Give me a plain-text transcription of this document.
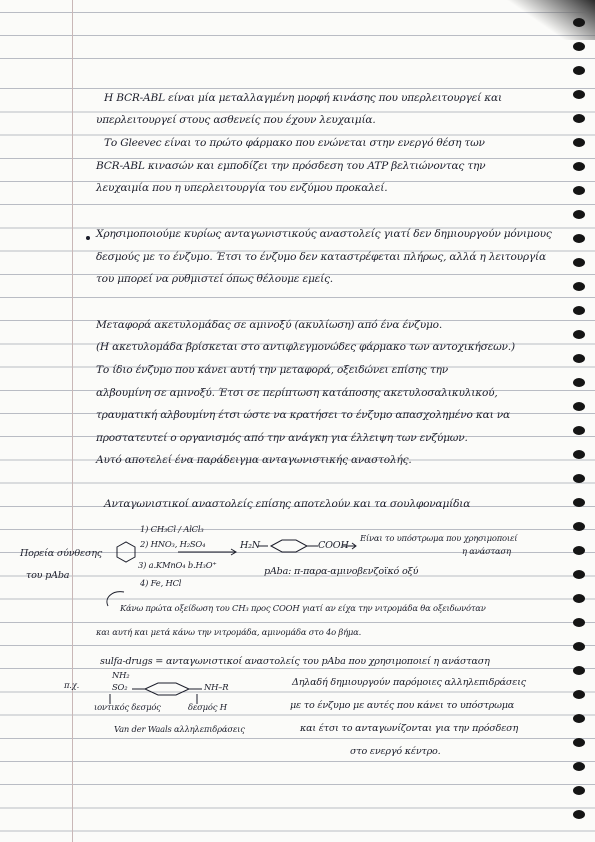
Η BCR-ABL είναι μία μεταλλαγμένη μορφή κινάσης που υπερλειτουργεί και
υπερλειτουργεί στους ασθενείς που έχουν λευχαιμία.
Το Gleevec είναι το πρώτο φάρμακο που ενώνεται στην ενεργό θέση των
BCR-ABL κινασών και εμποδίζει την πρόσδεση του ATP βελτιώνοντας την
λευχαιμία που η υπερλειτουργία του ενζύμου προκαλεί.
Χρησιμοποιούμε κυρίως ανταγωνιστικούς αναστολείς γιατί δεν δημιουργούν μόνιμους
δεσμούς με το ένζυμο. Έτσι το ένζυμο δεν καταστρέφεται πλήρως, αλλά η λειτουργία
του μπορεί να ρυθμιστεί όπως θέλουμε εμείς.
Μεταφορά ακετυλομάδας σε αμινοξύ (ακυλίωση) από ένα ένζυμο.
(Η ακετυλομάδα βρίσκεται στο αντιφλεγμονώδες φάρμακο των αντοχικήσεων.)
Το ίδιο ένζυμο που κάνει αυτή την μεταφορά, οξειδώνει επίσης την
αλβουμίνη σε αμινοξύ. Έτσι σε περίπτωση κατάποσης ακετυλοσαλικυλικού,
τραυματική αλβουμίνη έτσι ώστε να κρατήσει το ένζυμο απασχολημένο και να
προστατευτεί ο οργανισμός από την ανάγκη για έλλειψη των ενζύμων.
Αυτό αποτελεί ένα παράδειγμα ανταγωνιστικής αναστολής.
Ανταγωνιστικοί αναστολείς επίσης αποτελούν και τα σουλφοναμίδια
Πορεία σύνθεσης
του pAba
1) CH₃Cl / AlCl₃
2) HNO₃, H₂SO₄
3) a.KMnO₄ b.H₃O⁺
4) Fe, HCl
H₂N	COOH
Είναι το υπόστρωμα που χρησιμοποιεί
η ανάσταση
pAba: π-παρα-αμινοβενζοϊκό οξύ
Κάνω πρώτα οξείδωση του CH₃ προς COOH γιατί αν είχα την νιτρομάδα θα οξειδωνόταν
και αυτή και μετά κάνω την νιτρομάδα, αμινομάδα στο 4ο βήμα.
sulfa-drugs = ανταγωνιστικοί αναστολείς του pAba που χρησιμοποιεί η ανάσταση
π.χ.
NH₂
SO₂	NH–R
ιοντικός δεσμός	δεσμός H
Van der Waals αλληλεπιδράσεις
Δηλαδή δημιουργούν παρόμοιες αλληλεπιδράσεις
με το ένζυμο με αυτές που κάνει το υπόστρωμα
και έτσι το ανταγωνίζονται για την πρόσδεση
στο ενεργό κέντρο.
